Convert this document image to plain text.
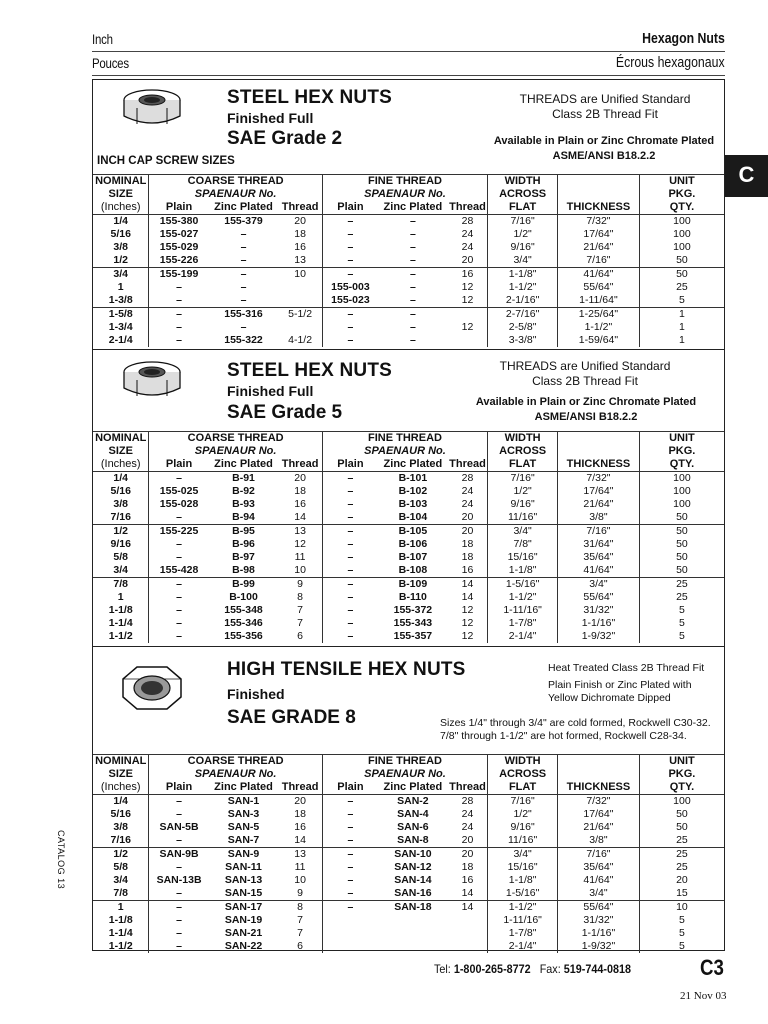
Inch	Hexagon Nuts
Pouces	Écrous hexagonaux
C
STEEL HEX NUTS
Finished Full
SAE Grade 2
THREADS are Unified Standard
Class 2B Thread Fit
Available in Plain or Zinc Chromate Plated
ASME/ANSI B18.2.2
INCH CAP SCREW SIZES
NOMINAL	COARSE THREAD			FINE THREAD			WIDTH		UNIT
SIZE	SPAENAUR No.			SPAENAUR No.			ACROSS		PKG.
(Inches)	Plain	Zinc Plated	Thread	Plain	Zinc Plated	Thread	FLAT	THICKNESS	QTY.
1/4	155-380	155-379	20	–	–	28	7/16"	7/32"	100
5/16	155-027	–	18	–	–	24	1/2"	17/64"	100
3/8	155-029	–	16	–	–	24	9/16"	21/64"	100
1/2	155-226	–	13	–	–	20	3/4"	7/16"	50
3/4	155-199	–	10	–	–	16	1-1/8"	41/64"	50
1	–	–		155-003	–	12	1-1/2"	55/64"	25
1-3/8	–	–		155-023	–	12	2-1/16"	1-11/64"	5
1-5/8	–	155-316	5-1/2	–	–		2-7/16"	1-25/64"	1
1-3/4	–	–		–	–	12	2-5/8"	1-1/2"	1
2-1/4	–	155-322	4-1/2	–	–		3-3/8"	1-59/64"	1
STEEL HEX NUTS
Finished Full
SAE Grade 5
THREADS are Unified Standard
Class 2B Thread Fit
Available in Plain or Zinc Chromate Plated
ASME/ANSI B18.2.2
NOMINAL	COARSE THREAD			FINE THREAD			WIDTH		UNIT
SIZE	SPAENAUR No.			SPAENAUR No.			ACROSS		PKG.
(Inches)	Plain	Zinc Plated	Thread	Plain	Zinc Plated	Thread	FLAT	THICKNESS	QTY.
1/4	–	B-91	20	–	B-101	28	7/16"	7/32"	100
5/16	155-025	B-92	18	–	B-102	24	1/2"	17/64"	100
3/8	155-028	B-93	16	–	B-103	24	9/16"	21/64"	100
7/16	–	B-94	14	–	B-104	20	11/16"	3/8"	50
1/2	155-225	B-95	13	–	B-105	20	3/4"	7/16"	50
9/16	–	B-96	12	–	B-106	18	7/8"	31/64"	50
5/8	–	B-97	11	–	B-107	18	15/16"	35/64"	50
3/4	155-428	B-98	10	–	B-108	16	1-1/8"	41/64"	50
7/8	–	B-99	9	–	B-109	14	1-5/16"	3/4"	25
1	–	B-100	8	–	B-110	14	1-1/2"	55/64"	25
1-1/8	–	155-348	7	–	155-372	12	1-11/16"	31/32"	5
1-1/4	–	155-346	7	–	155-343	12	1-7/8"	1-1/16"	5
1-1/2	–	155-356	6	–	155-357	12	2-1/4"	1-9/32"	5
HIGH TENSILE HEX NUTS
Finished
SAE GRADE 8
Heat Treated Class 2B Thread Fit
Plain Finish or Zinc Plated with
Yellow Dichromate Dipped
Sizes 1/4" through 3/4" are cold formed, Rockwell C30-32.
7/8" through 1-1/2" are hot formed, Rockwell C28-34.
NOMINAL	COARSE THREAD			FINE THREAD			WIDTH		UNIT
SIZE	SPAENAUR No.			SPAENAUR No.			ACROSS		PKG.
(Inches)	Plain	Zinc Plated	Thread	Plain	Zinc Plated	Thread	FLAT	THICKNESS	QTY.
1/4	–	SAN-1	20	–	SAN-2	28	7/16"	7/32"	100
5/16	–	SAN-3	18	–	SAN-4	24	1/2"	17/64"	50
3/8	SAN-5B	SAN-5	16	–	SAN-6	24	9/16"	21/64"	50
7/16	–	SAN-7	14	–	SAN-8	20	11/16"	3/8"	25
1/2	SAN-9B	SAN-9	13	–	SAN-10	20	3/4"	7/16"	25
5/8	–	SAN-11	11	–	SAN-12	18	15/16"	35/64"	25
3/4	SAN-13B	SAN-13	10	–	SAN-14	16	1-1/8"	41/64"	20
7/8	–	SAN-15	9	–	SAN-16	14	1-5/16"	3/4"	15
1	–	SAN-17	8	–	SAN-18	14	1-1/2"	55/64"	10
1-1/8	–	SAN-19	7				1-11/16"	31/32"	5
1-1/4	–	SAN-21	7				1-7/8"	1-1/16"	5
1-1/2	–	SAN-22	6				2-1/4"	1-9/32"	5
CATALOG 13
Tel: 1-800-265-8772 Fax: 519-744-0818	C3
21 Nov 03
